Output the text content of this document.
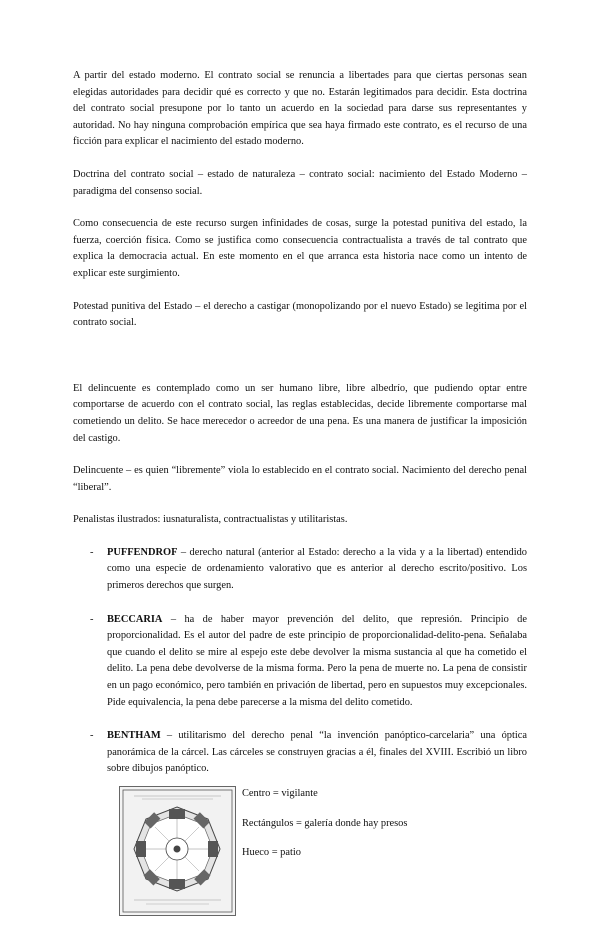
A partir del estado moderno. El contrato social se renuncia a libertades para que ciertas personas sean elegidas autoridades para decidir qué es correcto y que no. Estarán legitimados para decidir. Esta doctrina del contrato social presupone por lo tanto un acuerdo en la sociedad para darse sus representantes y autoridad. No hay ninguna comprobación empírica que sea haya firmado este contrato, es el recurso de una ficción para explicar el nacimiento del estado moderno.

Doctrina del contrato social – estado de naturaleza – contrato social: nacimiento del Estado Moderno – paradigma del consenso social.

Como consecuencia de este recurso surgen infinidades de cosas, surge la potestad punitiva del estado, la fuerza, coerción física. Como se justifica como consecuencia contractualista a través de tal contrato que explica la democracia actual. En este momento en el que arranca esta historia nace como un intento de explicar este surgimiento.

Potestad punitiva del Estado – el derecho a castigar (monopolizando por el nuevo Estado) se legitima por el contrato social.

El delincuente es contemplado como un ser humano libre, libre albedrío, que pudiendo optar entre comportarse de acuerdo con el contrato social, las reglas establecidas, decide libremente comportarse mal cometiendo un delito. Se hace merecedor o acreedor de una pena. Es una manera de justificar la imposición del castigo.

Delincuente – es quien “libremente” viola lo establecido en el contrato social. Nacimiento del derecho penal “liberal”.

Penalistas ilustrados: iusnaturalista, contractualistas y utilitaristas.

- PUFFENDROF – derecho natural (anterior al Estado: derecho a la vida y a la libertad) entendido como una especie de ordenamiento valorativo que es anterior al derecho escrito/positivo. Los primeros derechos que surgen.
- BECCARIA – ha de haber mayor prevención del delito, que represión. Principio de proporcionalidad. Es el autor del padre de este principio de proporcionalidad-delito-pena. Señalaba que cuando el delito se mire al espejo este debe devolver la misma sustancia al que ha cometido el delito. La pena debe devolverse de la misma forma. Pero la pena de muerte no. La pena de consistir en un pago económico, pero también en privación de libertad, pero en supuestos muy excepcionales. Pide equivalencia, la pena debe parecerse a la misma del delito cometido.
- BENTHAM – utilitarismo del derecho penal “la invención panóptico-carcelaria” una óptica panorámica de la cárcel. Las cárceles se construyen gracias a él, finales del XVIII. Escribió un libro sobre dibujos panóptico.
Centro = vigilante
Rectángulos = galería donde hay presos
Hueco = patio
